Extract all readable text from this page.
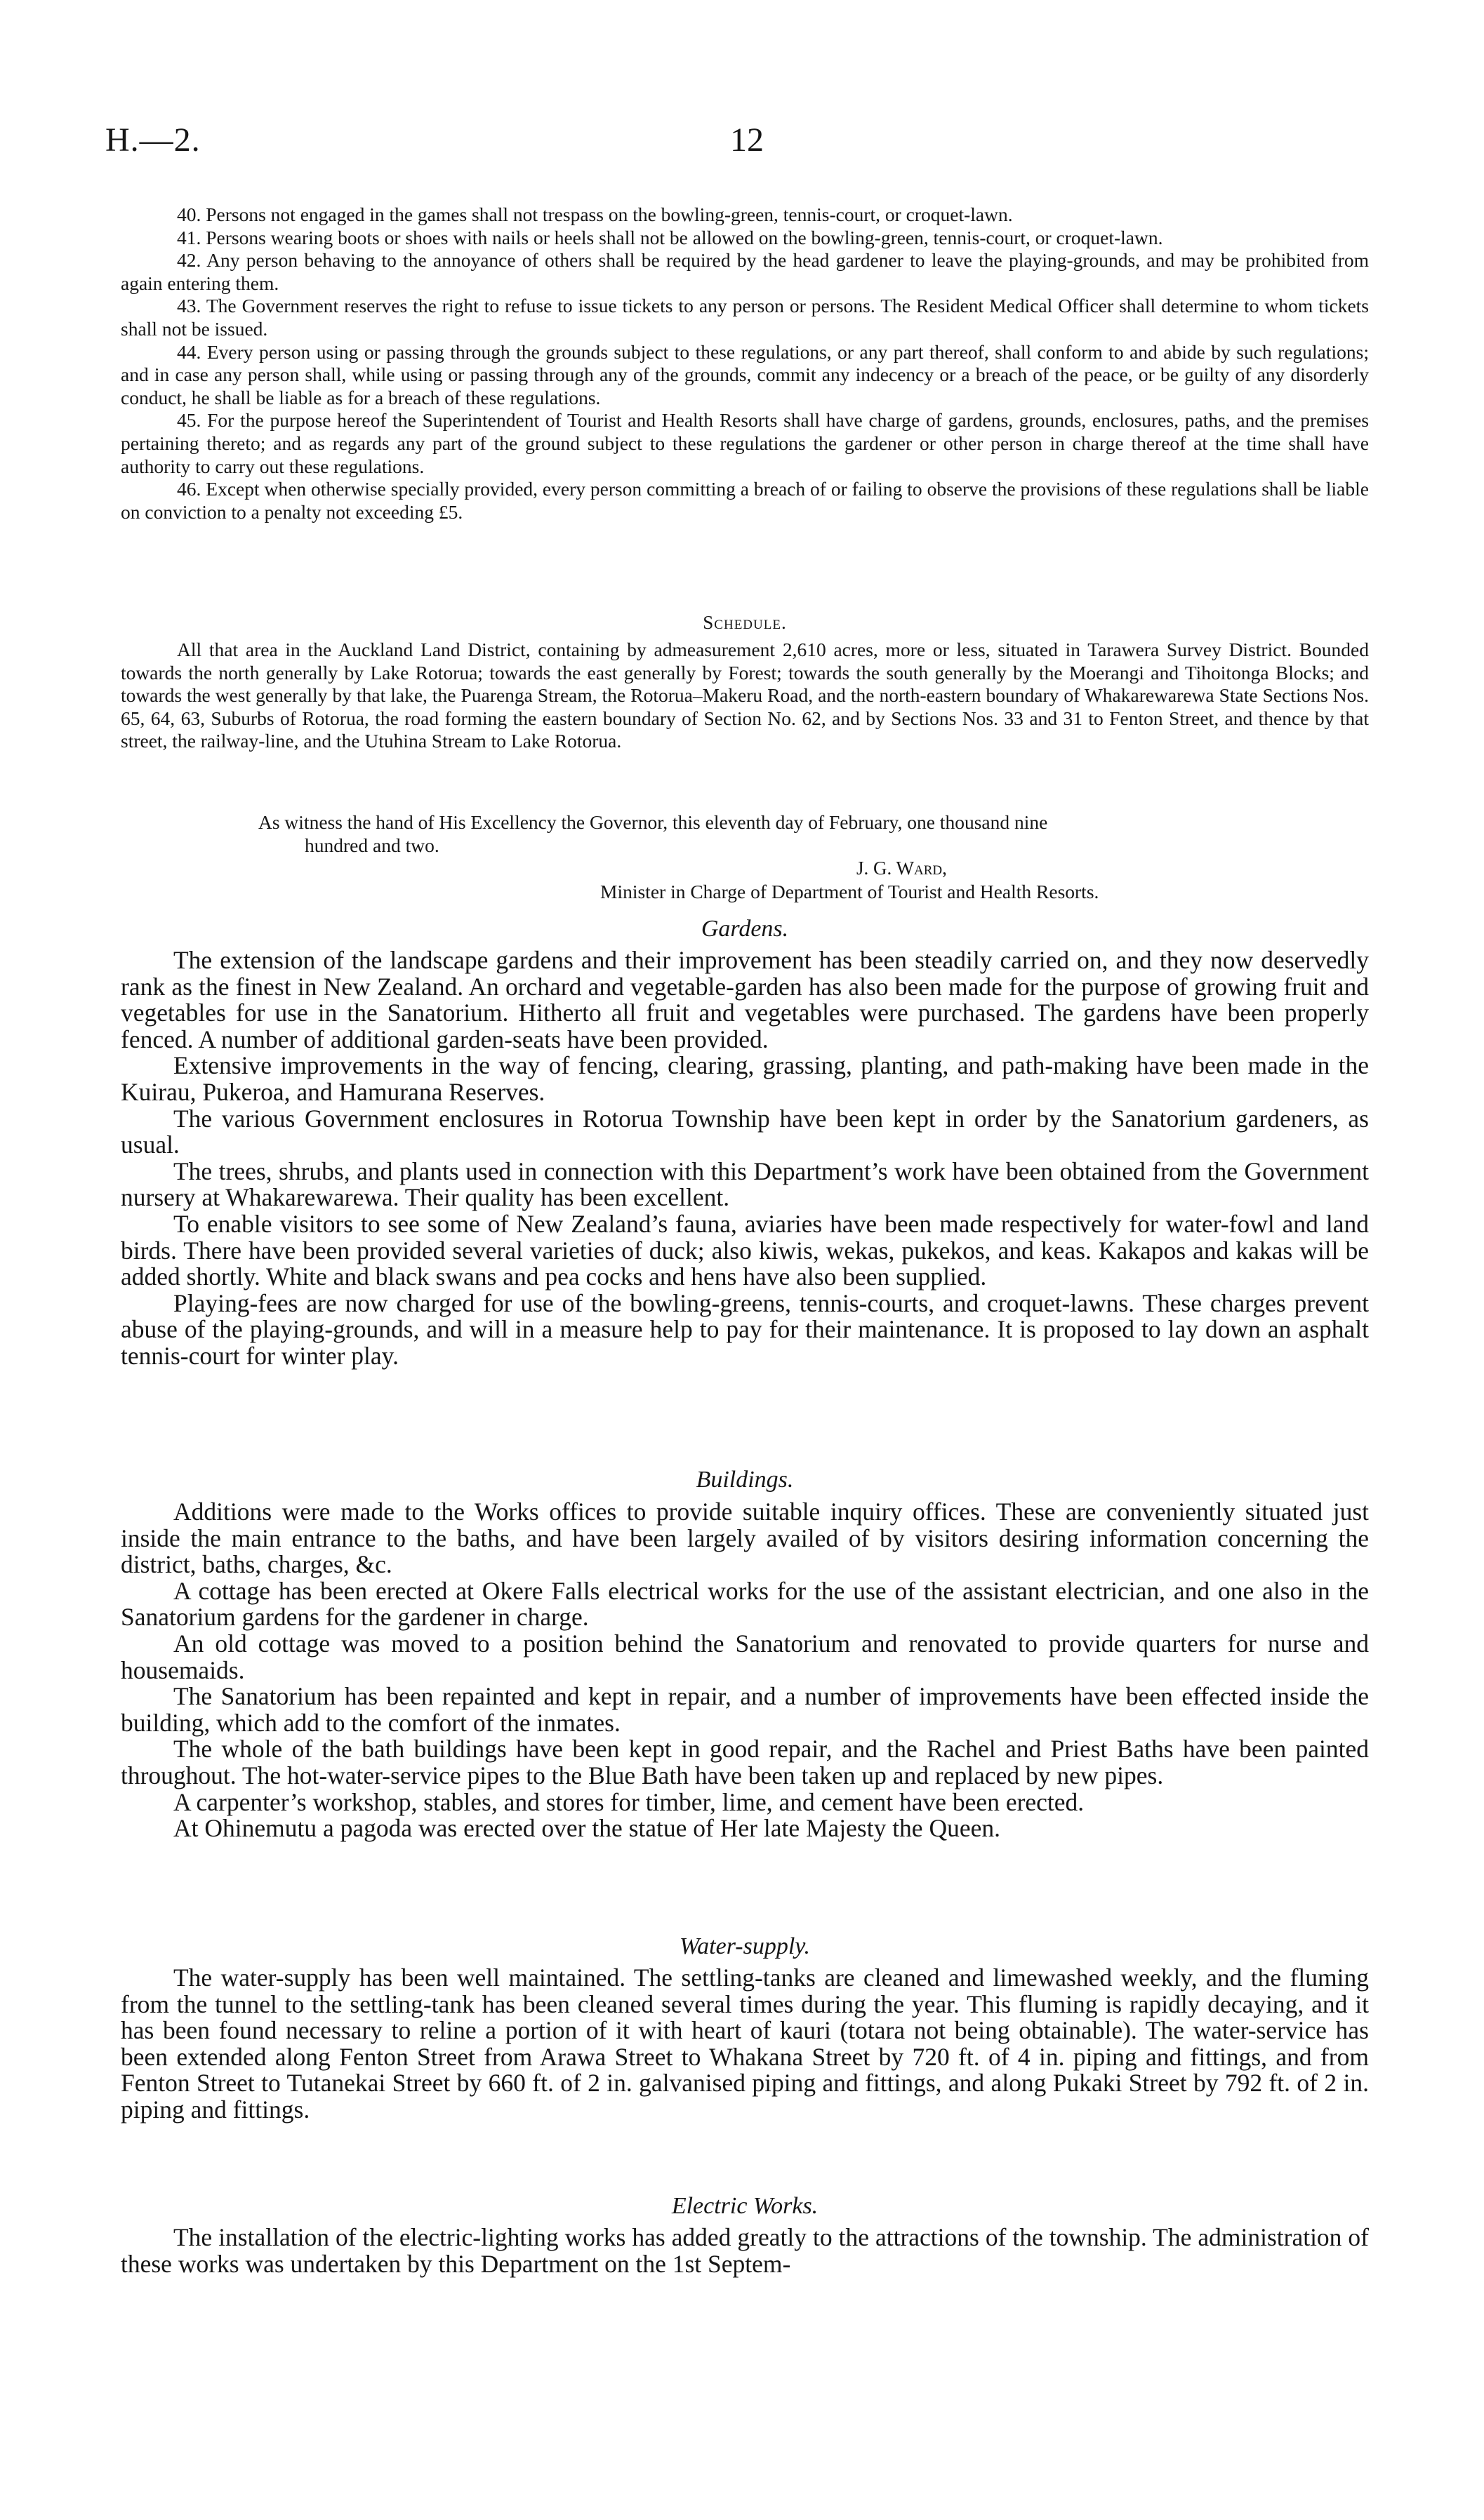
H.—2.	12

40. Persons not engaged in the games shall not trespass on the bowling-green, tennis-court, or croquet-lawn.

41. Persons wearing boots or shoes with nails or heels shall not be allowed on the bowling-green, tennis-court, or croquet-lawn.

42. Any person behaving to the annoyance of others shall be required by the head gardener to leave the playing-grounds, and may be prohibited from again entering them.

43. The Government reserves the right to refuse to issue tickets to any person or persons. The Resident Medical Officer shall determine to whom tickets shall not be issued.

44. Every person using or passing through the grounds subject to these regulations, or any part thereof, shall conform to and abide by such regulations; and in case any person shall, while using or passing through any of the grounds, commit any indecency or a breach of the peace, or be guilty of any disorderly conduct, he shall be liable as for a breach of these regulations.

45. For the purpose hereof the Superintendent of Tourist and Health Resorts shall have charge of gardens, grounds, enclosures, paths, and the premises pertaining thereto; and as regards any part of the ground subject to these regulations the gardener or other person in charge thereof at the time shall have authority to carry out these regulations.

46. Except when otherwise specially provided, every person committing a breach of or failing to observe the provisions of these regulations shall be liable on conviction to a penalty not exceeding £5.

Schedule.

All that area in the Auckland Land District, containing by admeasurement 2,610 acres, more or less, situated in Tarawera Survey District. Bounded towards the north generally by Lake Rotorua; towards the east generally by Forest; towards the south generally by the Moerangi and Tihoitonga Blocks; and towards the west generally by that lake, the Puarenga Stream, the Rotorua–Makeru Road, and the north-eastern boundary of Whakarewarewa State Sections Nos. 65, 64, 63, Suburbs of Rotorua, the road forming the eastern boundary of Section No. 62, and by Sections Nos. 33 and 31 to Fenton Street, and thence by that street, the railway-line, and the Utuhina Stream to Lake Rotorua.

As witness the hand of His Excellency the Governor, this eleventh day of February, one thousand nine

hundred and two.

J. G. Ward,
Minister in Charge of Department of Tourist and Health Resorts.
Gardens.

The extension of the landscape gardens and their improvement has been steadily carried on, and they now deservedly rank as the finest in New Zealand. An orchard and vegetable-garden has also been made for the purpose of growing fruit and vegetables for use in the Sanatorium. Hitherto all fruit and vegetables were purchased. The gardens have been properly fenced. A number of additional garden-seats have been provided.

Extensive improvements in the way of fencing, clearing, grassing, planting, and path-making have been made in the Kuirau, Pukeroa, and Hamurana Reserves.

The various Government enclosures in Rotorua Township have been kept in order by the Sanatorium gardeners, as usual.

The trees, shrubs, and plants used in connection with this Department’s work have been obtained from the Government nursery at Whakarewarewa. Their quality has been excellent.

To enable visitors to see some of New Zealand’s fauna, aviaries have been made respectively for water-fowl and land birds. There have been provided several varieties of duck; also kiwis, wekas, pukekos, and keas. Kakapos and kakas will be added shortly. White and black swans and pea cocks and hens have also been supplied.

Playing-fees are now charged for use of the bowling-greens, tennis-courts, and croquet-lawns. These charges prevent abuse of the playing-grounds, and will in a measure help to pay for their maintenance. It is proposed to lay down an asphalt tennis-court for winter play.

Buildings.

Additions were made to the Works offices to provide suitable inquiry offices. These are conveniently situated just inside the main entrance to the baths, and have been largely availed of by visitors desiring information concerning the district, baths, charges, &c.

A cottage has been erected at Okere Falls electrical works for the use of the assistant electrician, and one also in the Sanatorium gardens for the gardener in charge.

An old cottage was moved to a position behind the Sanatorium and renovated to provide quarters for nurse and housemaids.

The Sanatorium has been repainted and kept in repair, and a number of improvements have been effected inside the building, which add to the comfort of the inmates.

The whole of the bath buildings have been kept in good repair, and the Rachel and Priest Baths have been painted throughout. The hot-water-service pipes to the Blue Bath have been taken up and replaced by new pipes.

A carpenter’s workshop, stables, and stores for timber, lime, and cement have been erected.

At Ohinemutu a pagoda was erected over the statue of Her late Majesty the Queen.

Water-supply.

The water-supply has been well maintained. The settling-tanks are cleaned and limewashed weekly, and the fluming from the tunnel to the settling-tank has been cleaned several times during the year. This fluming is rapidly decaying, and it has been found necessary to reline a portion of it with heart of kauri (totara not being obtainable). The water-service has been extended along Fenton Street from Arawa Street to Whakana Street by 720 ft. of 4 in. piping and fittings, and from Fenton Street to Tutanekai Street by 660 ft. of 2 in. galvanised piping and fittings, and along Pukaki Street by 792 ft. of 2 in. piping and fittings.

Electric Works.

The installation of the electric-lighting works has added greatly to the attractions of the township. The administration of these works was undertaken by this Department on the 1st Septem-
